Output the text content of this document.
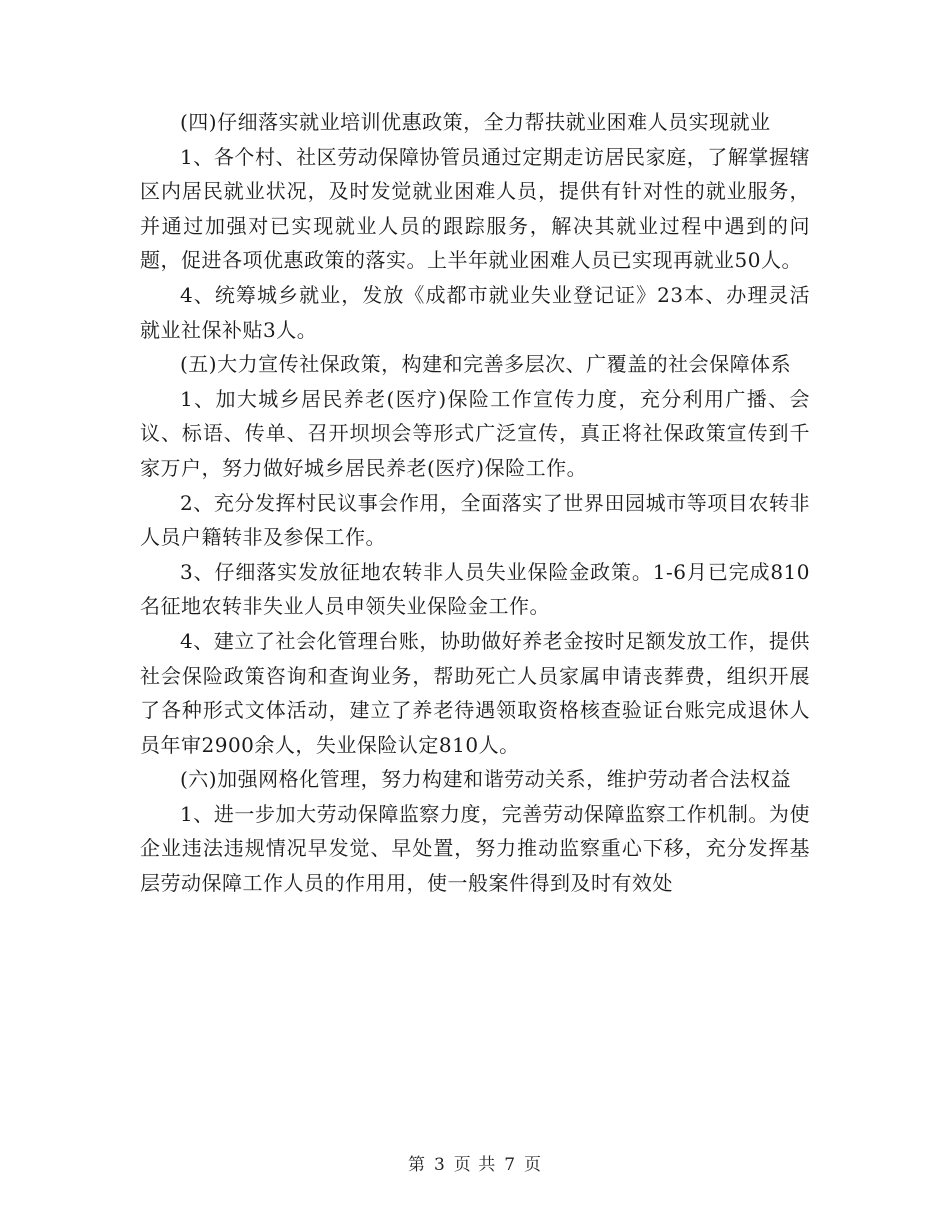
(四)仔细落实就业培训优惠政策，全力帮扶就业困难人员实现就业

1、各个村、社区劳动保障协管员通过定期走访居民家庭，了解掌握辖区内居民就业状况，及时发觉就业困难人员，提供有针对性的就业服务，并通过加强对已实现就业人员的跟踪服务，解决其就业过程中遇到的问题，促进各项优惠政策的落实。上半年就业困难人员已实现再就业50人。

4、统筹城乡就业，发放《成都市就业失业登记证》23本、办理灵活就业社保补贴3人。

(五)大力宣传社保政策，构建和完善多层次、广覆盖的社会保障体系

1、加大城乡居民养老(医疗)保险工作宣传力度，充分利用广播、会议、标语、传单、召开坝坝会等形式广泛宣传，真正将社保政策宣传到千家万户，努力做好城乡居民养老(医疗)保险工作。

2、充分发挥村民议事会作用，全面落实了世界田园城市等项目农转非人员户籍转非及参保工作。

3、仔细落实发放征地农转非人员失业保险金政策。1-6月已完成810名征地农转非失业人员申领失业保险金工作。

4、建立了社会化管理台账，协助做好养老金按时足额发放工作，提供社会保险政策咨询和查询业务，帮助死亡人员家属申请丧葬费，组织开展了各种形式文体活动，建立了养老待遇领取资格核查验证台账完成退休人员年审2900余人，失业保险认定810人。

(六)加强网格化管理，努力构建和谐劳动关系，维护劳动者合法权益

1、进一步加大劳动保障监察力度，完善劳动保障监察工作机制。为使企业违法违规情况早发觉、早处置，努力推动监察重心下移，充分发挥基层劳动保障工作人员的作用用，使一般案件得到及时有效处

第 3 页 共 7 页
